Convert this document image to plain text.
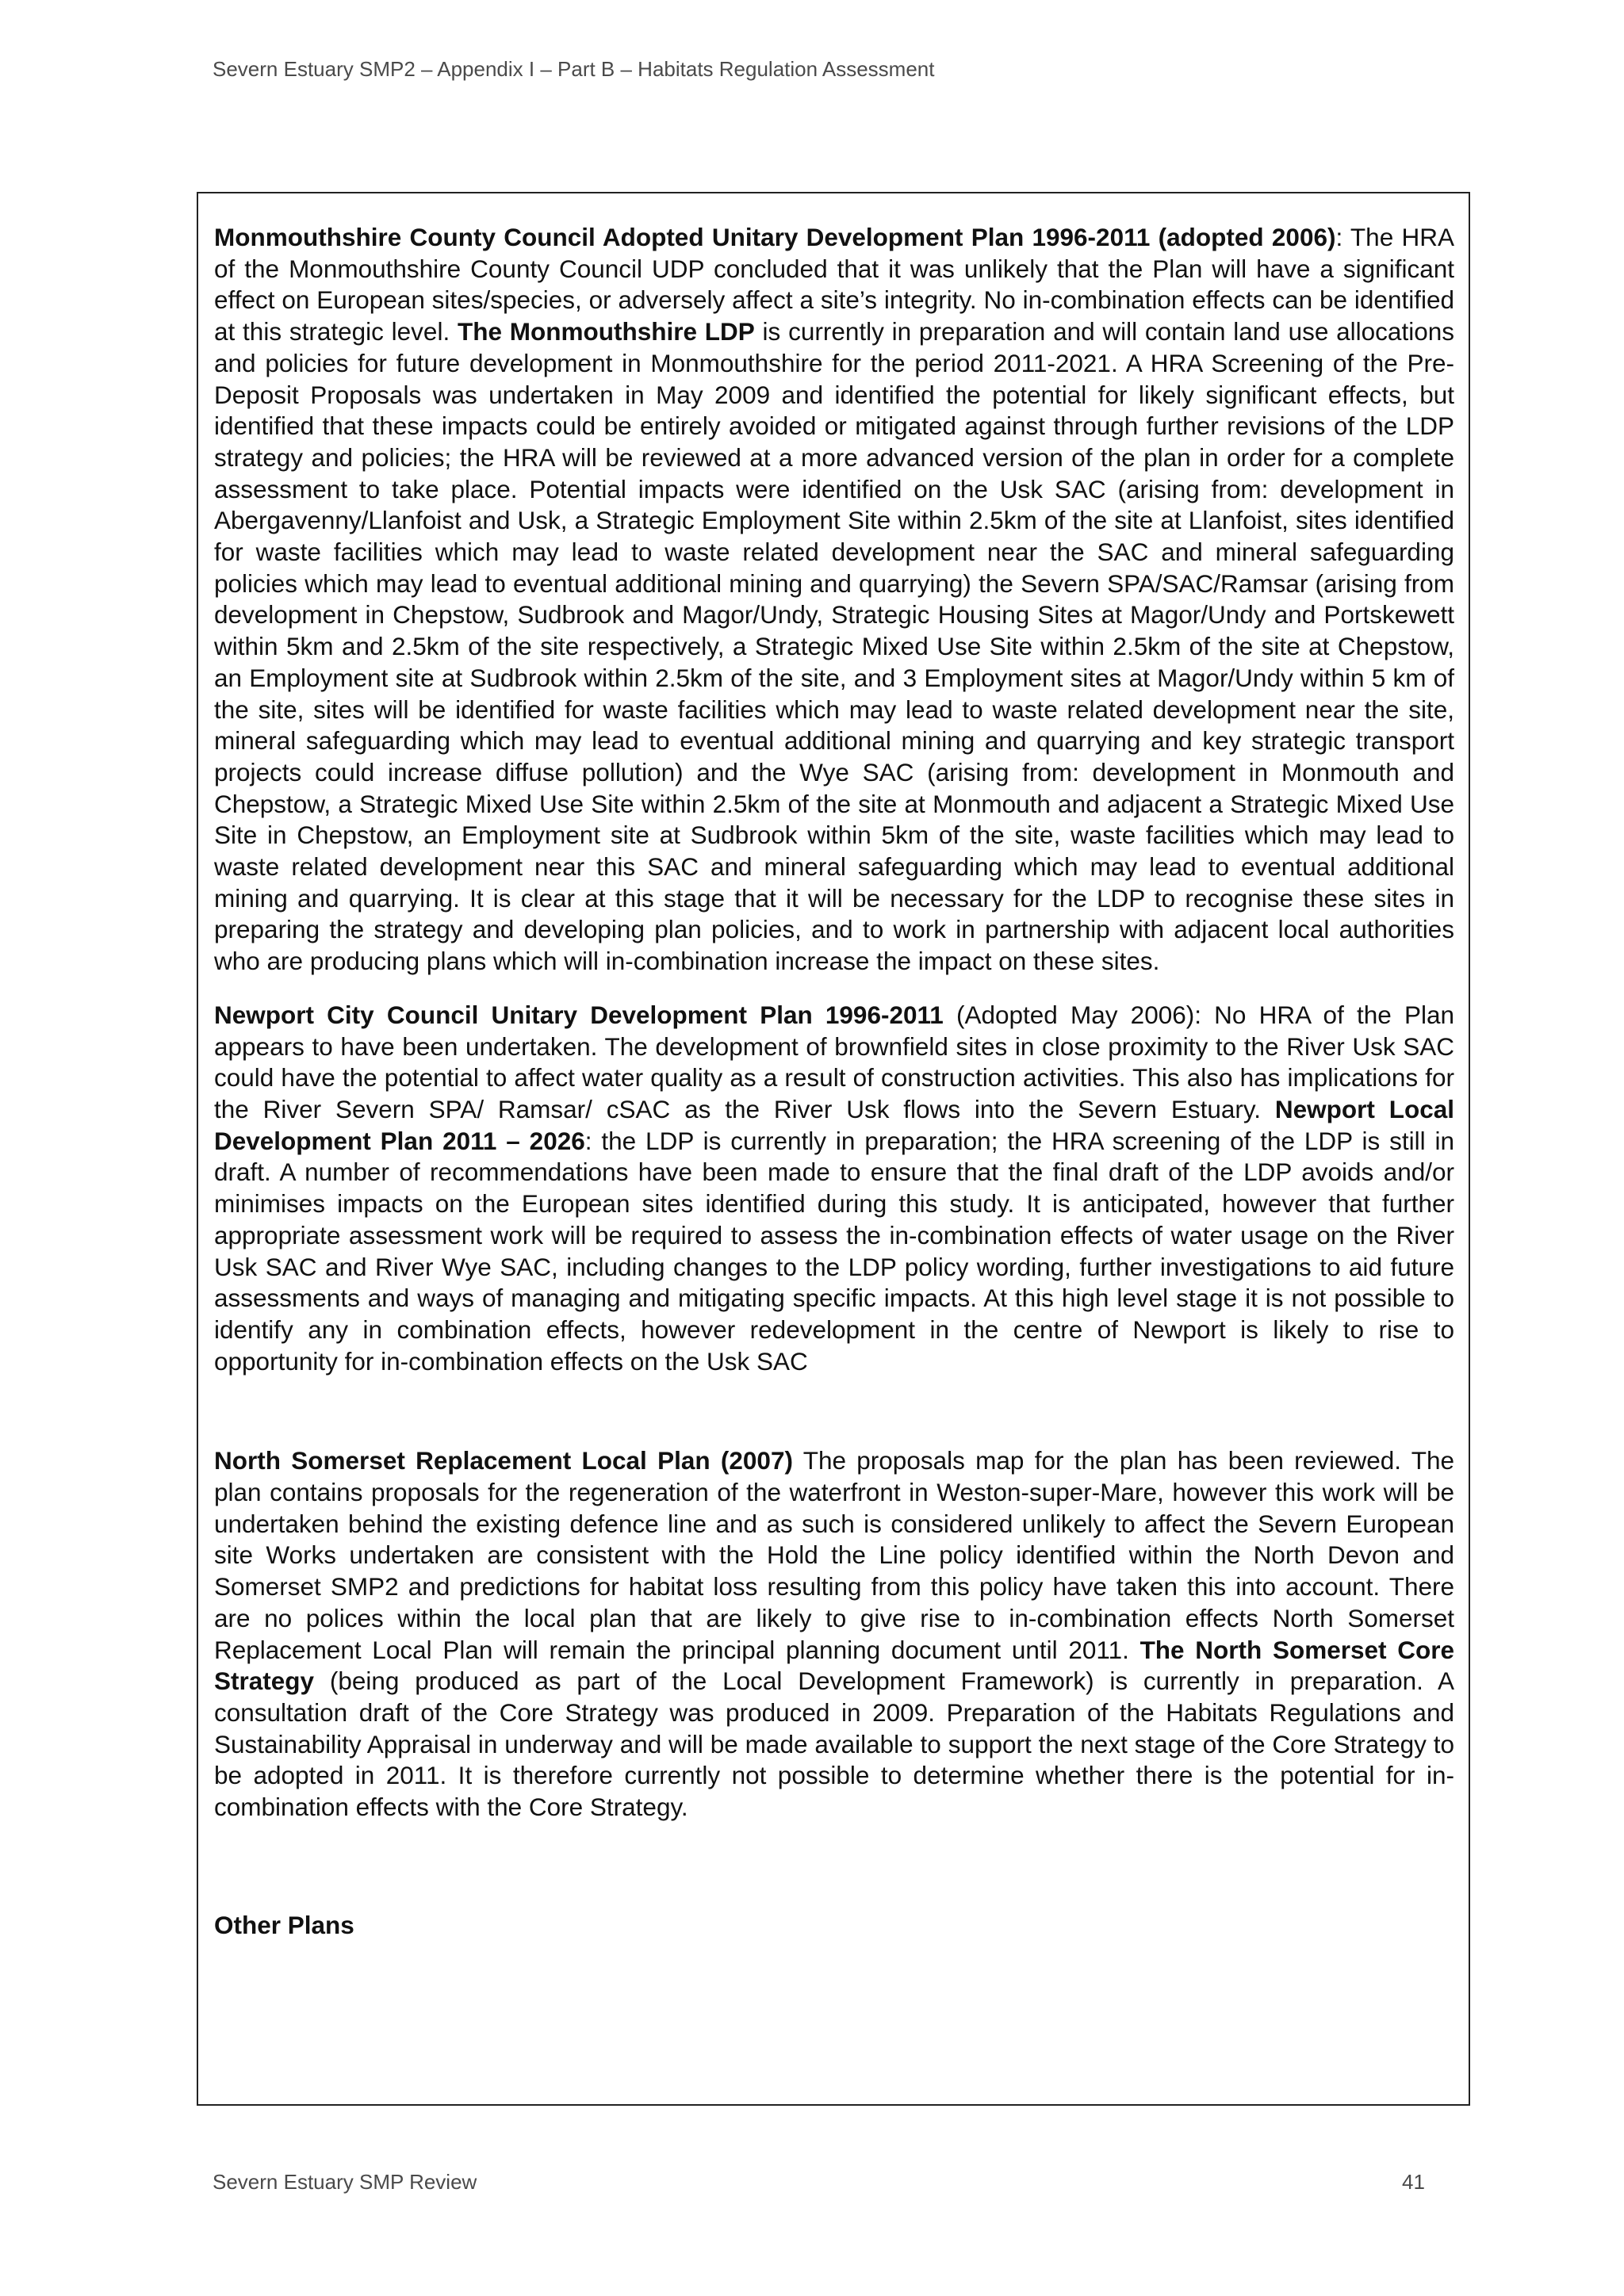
Severn Estuary SMP2 – Appendix I – Part B – Habitats Regulation Assessment

Monmouthshire County Council Adopted Unitary Development Plan 1996-2011 (adopted 2006): The HRA of the Monmouthshire County Council UDP concluded that it was unlikely that the Plan will have a significant effect on European sites/species, or adversely affect a site’s integrity. No in-combination effects can be identified at this strategic level. The Monmouthshire LDP is currently in preparation and will contain land use allocations and policies for future development in Monmouthshire for the period 2011-2021. A HRA Screening of the Pre-Deposit Proposals was undertaken in May 2009 and identified the potential for likely significant effects, but identified that these impacts could be entirely avoided or mitigated against through further revisions of the LDP strategy and policies; the HRA will be reviewed at a more advanced version of the plan in order for a complete assessment to take place. Potential impacts were identified on the Usk SAC (arising from: development in Abergavenny/Llanfoist and Usk, a Strategic Employment Site within 2.5km of the site at Llanfoist, sites identified for waste facilities which may lead to waste related development near the SAC and mineral safeguarding policies which may lead to eventual additional mining and quarrying) the Severn SPA/SAC/Ramsar (arising from development in Chepstow, Sudbrook and Magor/Undy, Strategic Housing Sites at Magor/Undy and Portskewett within 5km and 2.5km of the site respectively, a Strategic Mixed Use Site within 2.5km of the site at Chepstow, an Employment site at Sudbrook within 2.5km of the site, and 3 Employment sites at Magor/Undy within 5 km of the site, sites will be identified for waste facilities which may lead to waste related development near the site, mineral safeguarding which may lead to eventual additional mining and quarrying and key strategic transport projects could increase diffuse pollution) and the Wye SAC (arising from: development in Monmouth and Chepstow, a Strategic Mixed Use Site within 2.5km of the site at Monmouth and adjacent a Strategic Mixed Use Site in Chepstow, an Employment site at Sudbrook within 5km of the site, waste facilities which may lead to waste related development near this SAC and mineral safeguarding which may lead to eventual additional mining and quarrying. It is clear at this stage that it will be necessary for the LDP to recognise these sites in preparing the strategy and developing plan policies, and to work in partnership with adjacent local authorities who are producing plans which will in-combination increase the impact on these sites.

Newport City Council Unitary Development Plan 1996-2011 (Adopted May 2006): No HRA of the Plan appears to have been undertaken. The development of brownfield sites in close proximity to the River Usk SAC could have the potential to affect water quality as a result of construction activities. This also has implications for the River Severn SPA/ Ramsar/ cSAC as the River Usk flows into the Severn Estuary. Newport Local Development Plan 2011 – 2026: the LDP is currently in preparation; the HRA screening of the LDP is still in draft. A number of recommendations have been made to ensure that the final draft of the LDP avoids and/or minimises impacts on the European sites identified during this study. It is anticipated, however that further appropriate assessment work will be required to assess the in-combination effects of water usage on the River Usk SAC and River Wye SAC, including changes to the LDP policy wording, further investigations to aid future assessments and ways of managing and mitigating specific impacts. At this high level stage it is not possible to identify any in combination effects, however redevelopment in the centre of Newport is likely to rise to opportunity for in-combination effects on the Usk SAC

North Somerset Replacement Local Plan (2007) The proposals map for the plan has been reviewed. The plan contains proposals for the regeneration of the waterfront in Weston-super-Mare, however this work will be undertaken behind the existing defence line and as such is considered unlikely to affect the Severn European site Works undertaken are consistent with the Hold the Line policy identified within the North Devon and Somerset SMP2 and predictions for habitat loss resulting from this policy have taken this into account. There are no polices within the local plan that are likely to give rise to in-combination effects North Somerset Replacement Local Plan will remain the principal planning document until 2011. The North Somerset Core Strategy (being produced as part of the Local Development Framework) is currently in preparation. A consultation draft of the Core Strategy was produced in 2009. Preparation of the Habitats Regulations and Sustainability Appraisal in underway and will be made available to support the next stage of the Core Strategy to be adopted in 2011. It is therefore currently not possible to determine whether there is the potential for in-combination effects with the Core Strategy.

Other Plans

Severn Estuary SMP Review	41
